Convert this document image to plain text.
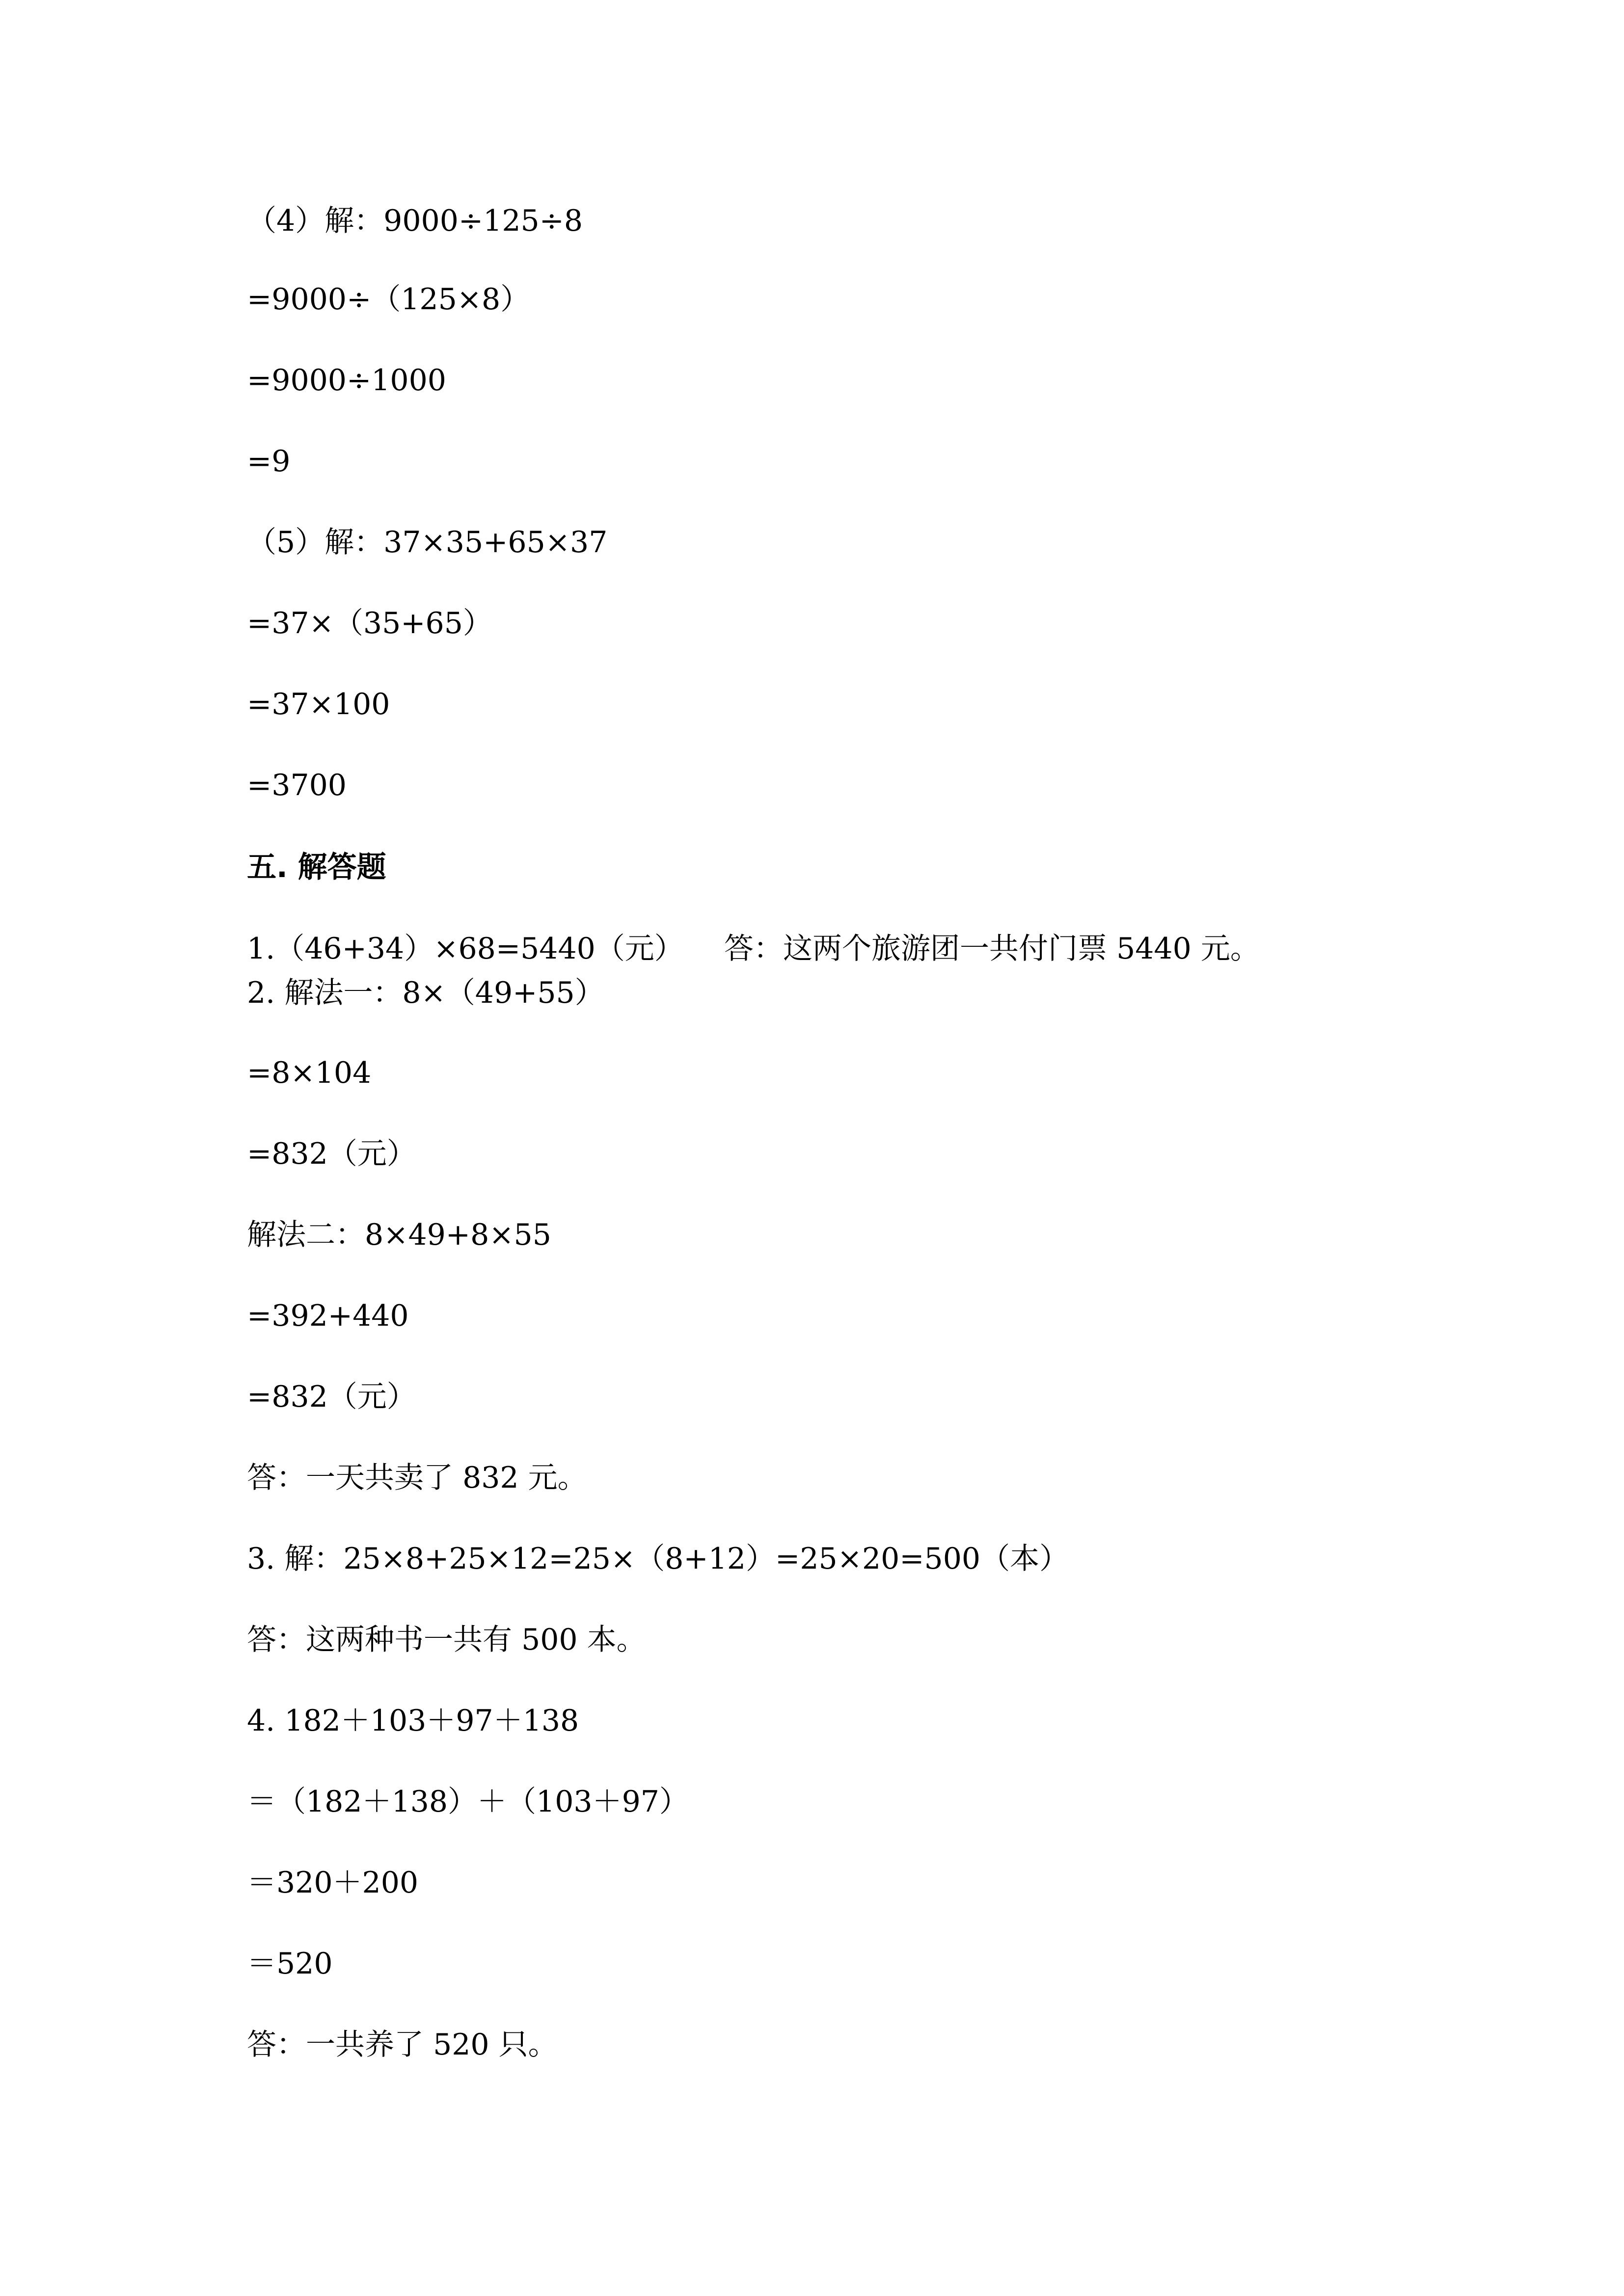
（4）解：9000÷125÷8
=9000÷（125×8）
=9000÷1000
=9
（5）解：37×35+65×37
=37×（35+65）
=37×100
=3700
五. 解答题
1.（46+34）×68=5440（元） 答：这两个旅游团一共付门票 5440 元。
2. 解法一：8×（49+55）
=8×104
=832（元）
解法二：8×49+8×55
=392+440
=832（元）
答：一天共卖了 832 元。
3. 解：25×8+25×12=25×（8+12）=25×20=500（本）
答：这两种书一共有 500 本。
4. 182＋103＋97＋138
＝（182＋138）＋（103＋97）
＝320＋200
＝520
答：一共养了 520 只。
